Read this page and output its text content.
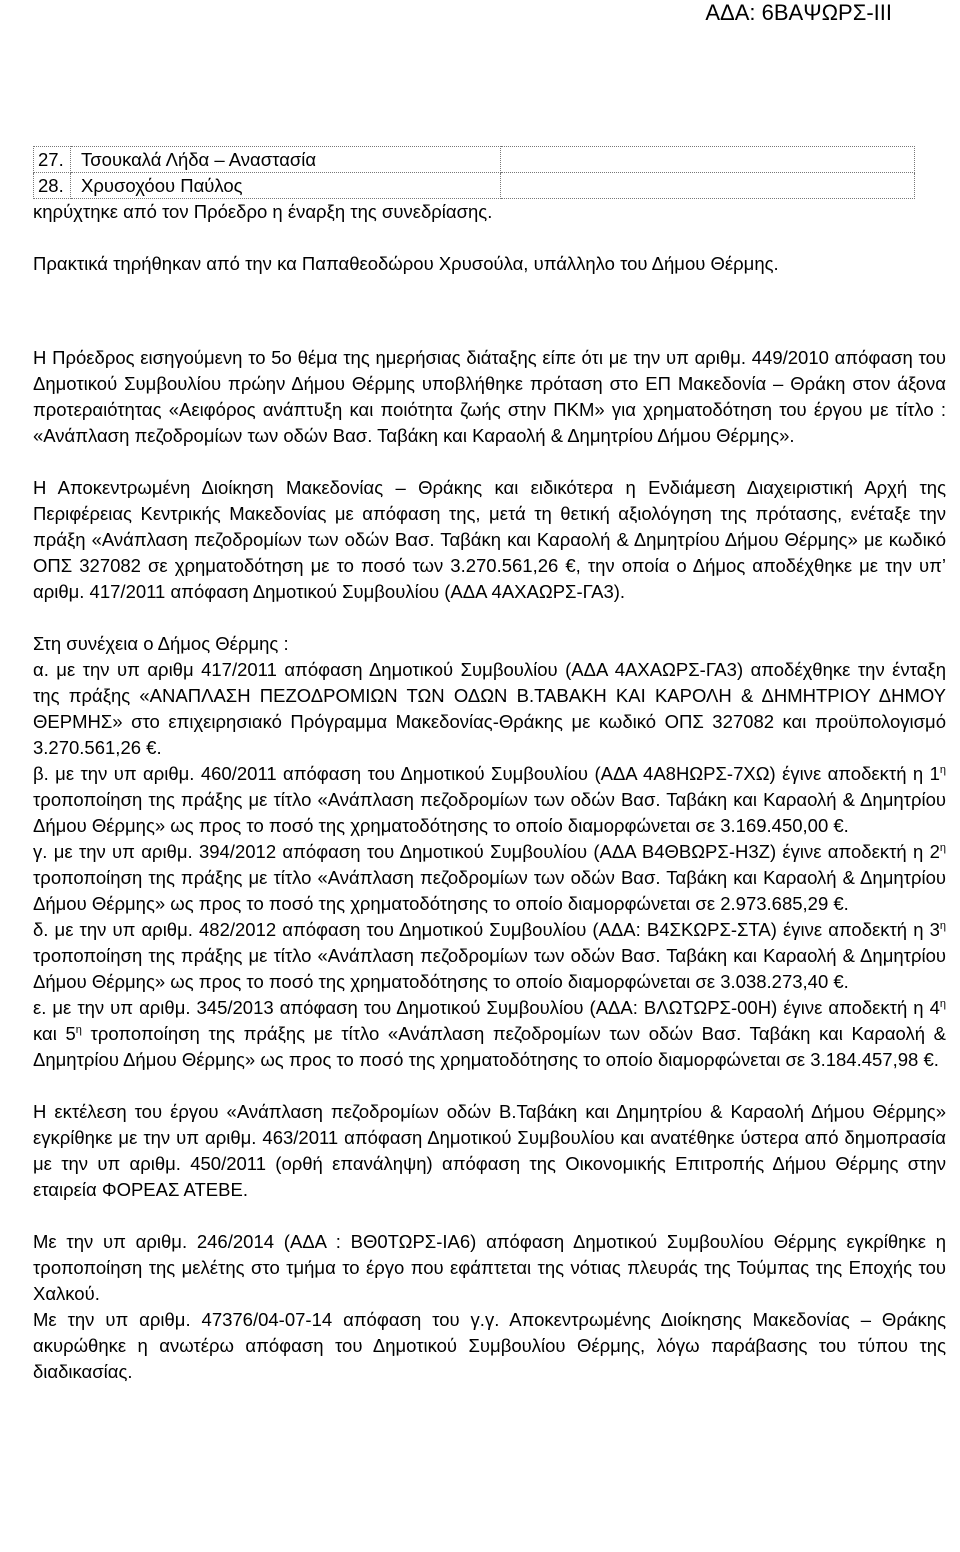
ΑΔΑ: 6ΒΑΨΩΡΣ-ΙΙΙ
27.	Τσουκαλά Λήδα – Αναστασία	
28.	Χρυσοχόου Παύλος	

κηρύχτηκε από τον Πρόεδρο η έναρξη της συνεδρίασης.

Πρακτικά τηρήθηκαν από την κα Παπαθεοδώρου Χρυσούλα, υπάλληλο του Δήμου Θέρμης.

Η Πρόεδρος εισηγούμενη το 5ο θέμα της ημερήσιας διάταξης είπε ότι με την υπ αριθμ. 449/2010 απόφαση του Δημοτικού Συμβουλίου πρώην Δήμου Θέρμης υποβλήθηκε πρόταση στο ΕΠ Μακεδονία – Θράκη στον άξονα προτεραιότητας «Αειφόρος ανάπτυξη και ποιότητα ζωής στην ΠΚΜ» για χρηματοδότηση του έργου με τίτλο : «Ανάπλαση πεζοδρομίων των οδών Βασ. Ταβάκη και Καραολή & Δημητρίου Δήμου Θέρμης».

Η Αποκεντρωμένη Διοίκηση Μακεδονίας – Θράκης και ειδικότερα η Ενδιάμεση Διαχειριστική Αρχή της Περιφέρειας Κεντρικής Μακεδονίας με απόφαση της, μετά τη θετική αξιολόγηση της πρότασης, ενέταξε την πράξη «Ανάπλαση πεζοδρομίων των οδών Βασ. Ταβάκη και Καραολή & Δημητρίου Δήμου Θέρμης» με κωδικό ΟΠΣ 327082 σε χρηματοδότηση με το ποσό των 3.270.561,26 €, την οποία ο Δήμος αποδέχθηκε με την υπ’ αριθμ. 417/2011 απόφαση Δημοτικού Συμβουλίου (ΑΔΑ 4ΑΧΑΩΡΣ-ΓΑ3).

Στη συνέχεια ο Δήμος Θέρμης :

α. με την υπ αριθμ 417/2011 απόφαση Δημοτικού Συμβουλίου (ΑΔΑ 4ΑΧΑΩΡΣ-ΓΑ3) αποδέχθηκε την ένταξη της πράξης «ΑΝΑΠΛΑΣΗ ΠΕΖΟΔΡΟΜΙΩΝ ΤΩΝ ΟΔΩΝ Β.ΤΑΒΑΚΗ ΚΑΙ ΚΑΡΟΛΗ & ΔΗΜΗΤΡΙΟΥ ΔΗΜΟΥ ΘΕΡΜΗΣ» στο επιχειρησιακό Πρόγραμμα Μακεδονίας-Θράκης με κωδικό ΟΠΣ 327082 και προϋπολογισμό 3.270.561,26 €.

β. με την υπ αριθμ. 460/2011 απόφαση του Δημοτικού Συμβουλίου (ΑΔΑ 4Α8ΗΩΡΣ-7ΧΩ) έγινε αποδεκτή η $1^\eta$ τροποποίηση της πράξης με τίτλο «Ανάπλαση πεζοδρομίων των οδών Βασ. Ταβάκη και Καραολή & Δημητρίου Δήμου Θέρμης» ως προς το ποσό της χρηματοδότησης το οποίο διαμορφώνεται σε 3.169.450,00 €.

γ. με την υπ αριθμ. 394/2012 απόφαση του Δημοτικού Συμβουλίου (ΑΔΑ Β4ΘΒΩΡΣ-Η3Ζ) έγινε αποδεκτή η $2^\eta$ τροποποίηση της πράξης με τίτλο «Ανάπλαση πεζοδρομίων των οδών Βασ. Ταβάκη και Καραολή & Δημητρίου Δήμου Θέρμης» ως προς το ποσό της χρηματοδότησης το οποίο διαμορφώνεται σε 2.973.685,29 €.

δ. με την υπ αριθμ. 482/2012 απόφαση του Δημοτικού Συμβουλίου (ΑΔΑ: Β4ΣΚΩΡΣ-ΣΤΑ) έγινε αποδεκτή η $3^\eta$ τροποποίηση της πράξης με τίτλο «Ανάπλαση πεζοδρομίων των οδών Βασ. Ταβάκη και Καραολή & Δημητρίου Δήμου Θέρμης» ως προς το ποσό της χρηματοδότησης το οποίο διαμορφώνεται σε 3.038.273,40 €.

ε. με την υπ αριθμ. 345/2013 απόφαση του Δημοτικού Συμβουλίου (ΑΔΑ: ΒΛΩΤΩΡΣ-00Η) έγινε αποδεκτή η $4^\eta$ και $5^\eta$ τροποποίηση της πράξης με τίτλο «Ανάπλαση πεζοδρομίων των οδών Βασ. Ταβάκη και Καραολή & Δημητρίου Δήμου Θέρμης» ως προς το ποσό της χρηματοδότησης το οποίο διαμορφώνεται σε 3.184.457,98 €.

Η εκτέλεση του έργου «Ανάπλαση πεζοδρομίων οδών Β.Ταβάκη και Δημητρίου & Καραολή Δήμου Θέρμης» εγκρίθηκε με την υπ αριθμ. 463/2011 απόφαση Δημοτικού Συμβουλίου και ανατέθηκε ύστερα από δημοπρασία με την υπ αριθμ. 450/2011 (ορθή επανάληψη) απόφαση της Οικονομικής Επιτροπής Δήμου Θέρμης στην εταιρεία ΦΟΡΕΑΣ ΑΤΕΒΕ.

Με την υπ αριθμ. 246/2014 (ΑΔΑ : ΒΘ0ΤΩΡΣ-ΙΑ6) απόφαση Δημοτικού Συμβουλίου Θέρμης εγκρίθηκε η τροποποίηση της μελέτης στο τμήμα το έργο που εφάπτεται της νότιας πλευράς της Τούμπας της Εποχής του Χαλκού.

Με την υπ αριθμ. 47376/04-07-14 απόφαση του γ.γ. Αποκεντρωμένης Διοίκησης Μακεδονίας – Θράκης ακυρώθηκε η ανωτέρω απόφαση του Δημοτικού Συμβουλίου Θέρμης, λόγω παράβασης του τύπου της διαδικασίας.
